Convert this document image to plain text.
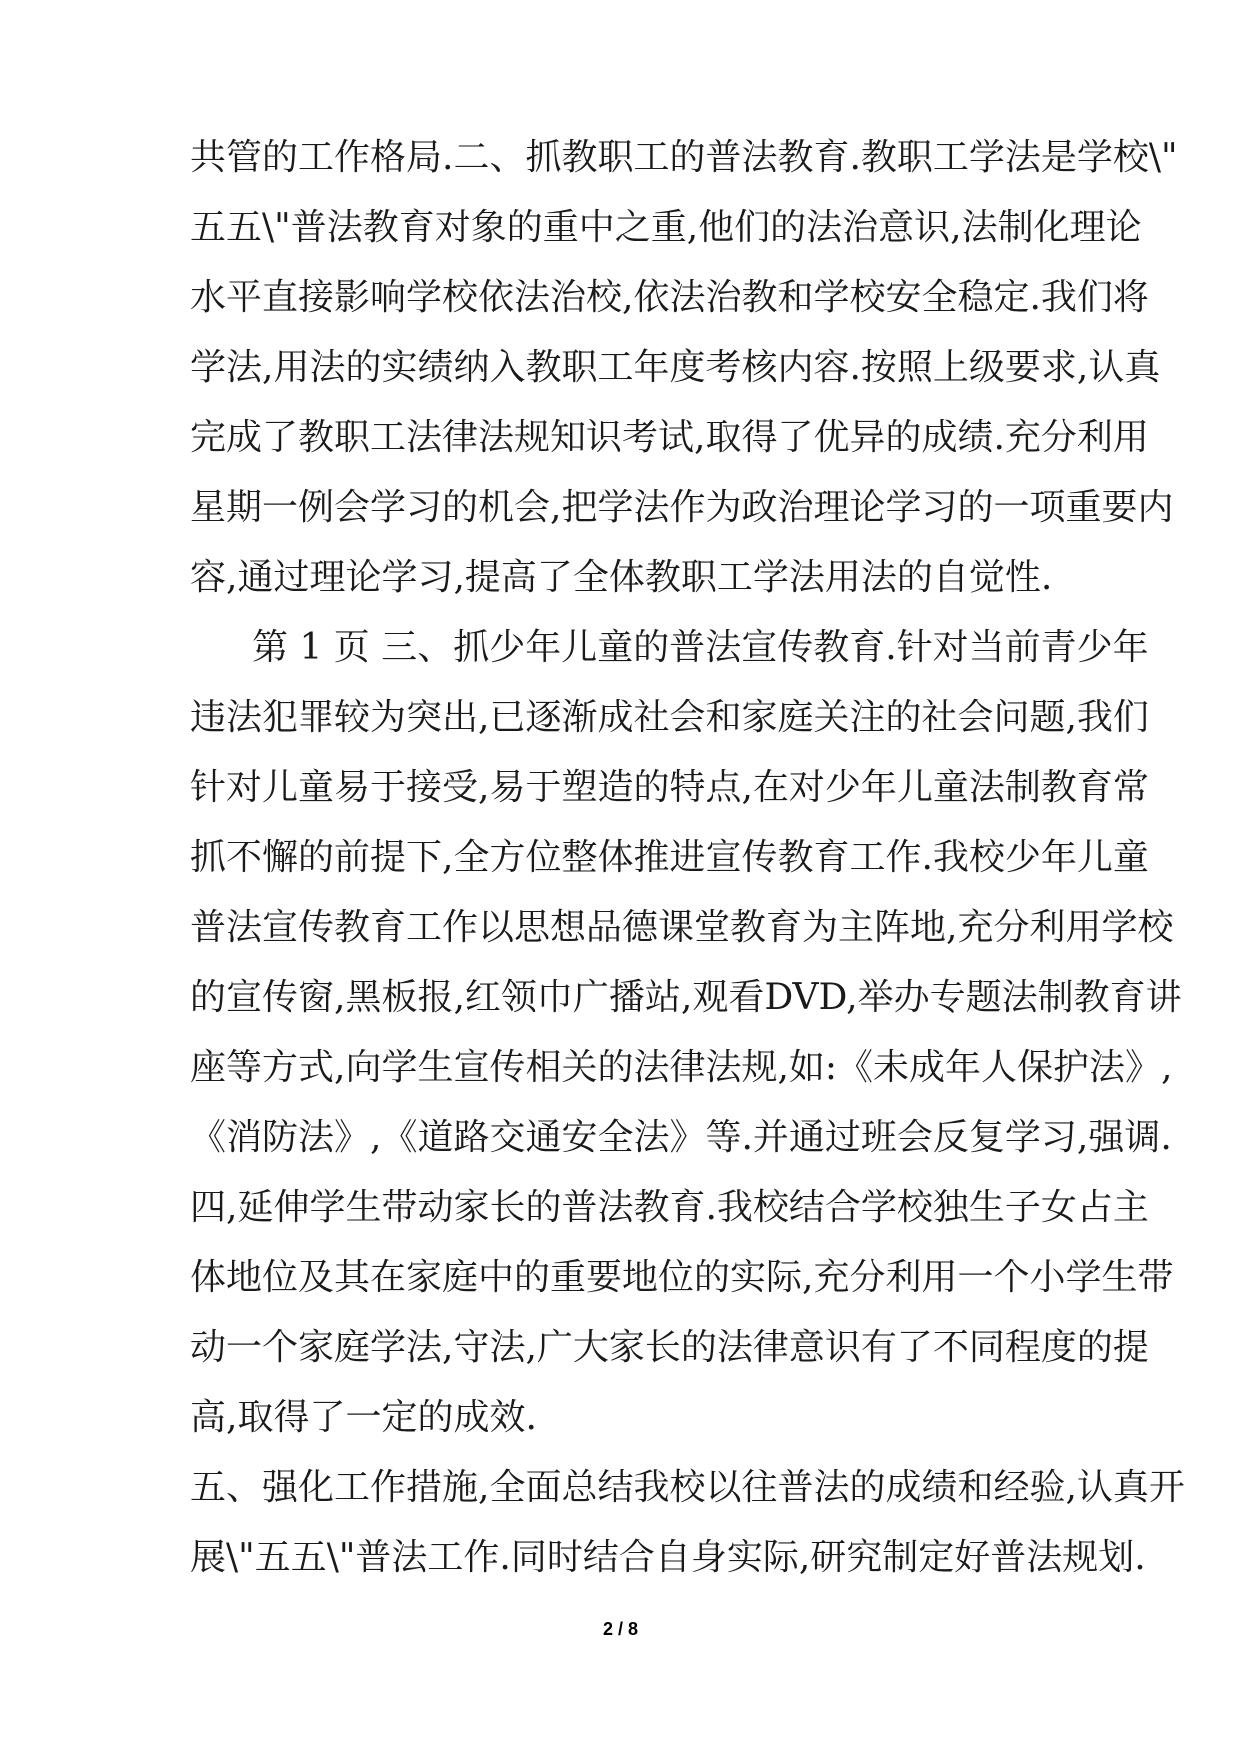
共管的工作格局.二、抓教职工的普法教育.教职工学法是学校\"
五五\"普法教育对象的重中之重,他们的法治意识,法制化理论
水平直接影响学校依法治校,依法治教和学校安全稳定.我们将
学法,用法的实绩纳入教职工年度考核内容.按照上级要求,认真
完成了教职工法律法规知识考试,取得了优异的成绩.充分利用
星期一例会学习的机会,把学法作为政治理论学习的一项重要内
容,通过理论学习,提高了全体教职工学法用法的自觉性.
第 1 页 三、抓少年儿童的普法宣传教育.针对当前青少年
违法犯罪较为突出,已逐渐成社会和家庭关注的社会问题,我们
针对儿童易于接受,易于塑造的特点,在对少年儿童法制教育常
抓不懈的前提下,全方位整体推进宣传教育工作.我校少年儿童
普法宣传教育工作以思想品德课堂教育为主阵地,充分利用学校
的宣传窗,黑板报,红领巾广播站,观看DVD,举办专题法制教育讲
座等方式,向学生宣传相关的法律法规,如:《未成年人保护法》,
《消防法》,《道路交通安全法》等.并通过班会反复学习,强调.
四,延伸学生带动家长的普法教育.我校结合学校独生子女占主
体地位及其在家庭中的重要地位的实际,充分利用一个小学生带
动一个家庭学法,守法,广大家长的法律意识有了不同程度的提
高,取得了一定的成效.
五、强化工作措施,全面总结我校以往普法的成绩和经验,认真开
展\"五五\"普法工作.同时结合自身实际,研究制定好普法规划.
2 / 8
